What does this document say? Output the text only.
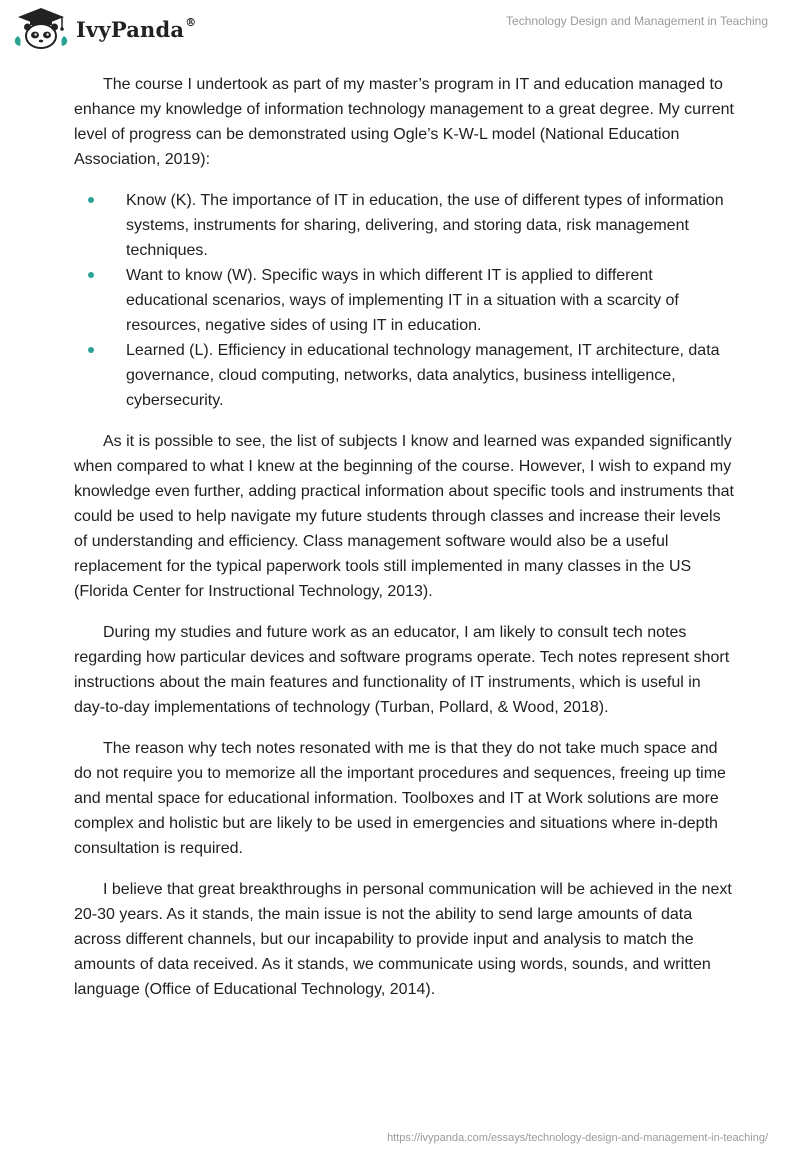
IvyPanda®	Technology Design and Management in Teaching

The course I undertook as part of my master’s program in IT and education managed to enhance my knowledge of information technology management to a great degree. My current level of progress can be demonstrated using Ogle’s K-W-L model (National Education Association, 2019):

Know (K). The importance of IT in education, the use of different types of information systems, instruments for sharing, delivering, and storing data, risk management techniques.
Want to know (W). Specific ways in which different IT is applied to different educational scenarios, ways of implementing IT in a situation with a scarcity of resources, negative sides of using IT in education.
Learned (L). Efficiency in educational technology management, IT architecture, data governance, cloud computing, networks, data analytics, business intelligence, cybersecurity.

As it is possible to see, the list of subjects I know and learned was expanded significantly when compared to what I knew at the beginning of the course. However, I wish to expand my knowledge even further, adding practical information about specific tools and instruments that could be used to help navigate my future students through classes and increase their levels of understanding and efficiency. Class management software would also be a useful replacement for the typical paperwork tools still implemented in many classes in the US (Florida Center for Instructional Technology, 2013).

During my studies and future work as an educator, I am likely to consult tech notes regarding how particular devices and software programs operate. Tech notes represent short instructions about the main features and functionality of IT instruments, which is useful in day-to-day implementations of technology (Turban, Pollard, & Wood, 2018).

The reason why tech notes resonated with me is that they do not take much space and do not require you to memorize all the important procedures and sequences, freeing up time and mental space for educational information. Toolboxes and IT at Work solutions are more complex and holistic but are likely to be used in emergencies and situations where in-depth consultation is required.

I believe that great breakthroughs in personal communication will be achieved in the next 20-30 years. As it stands, the main issue is not the ability to send large amounts of data across different channels, but our incapability to provide input and analysis to match the amounts of data received. As it stands, we communicate using words, sounds, and written language (Office of Educational Technology, 2014).

https://ivypanda.com/essays/technology-design-and-management-in-teaching/
